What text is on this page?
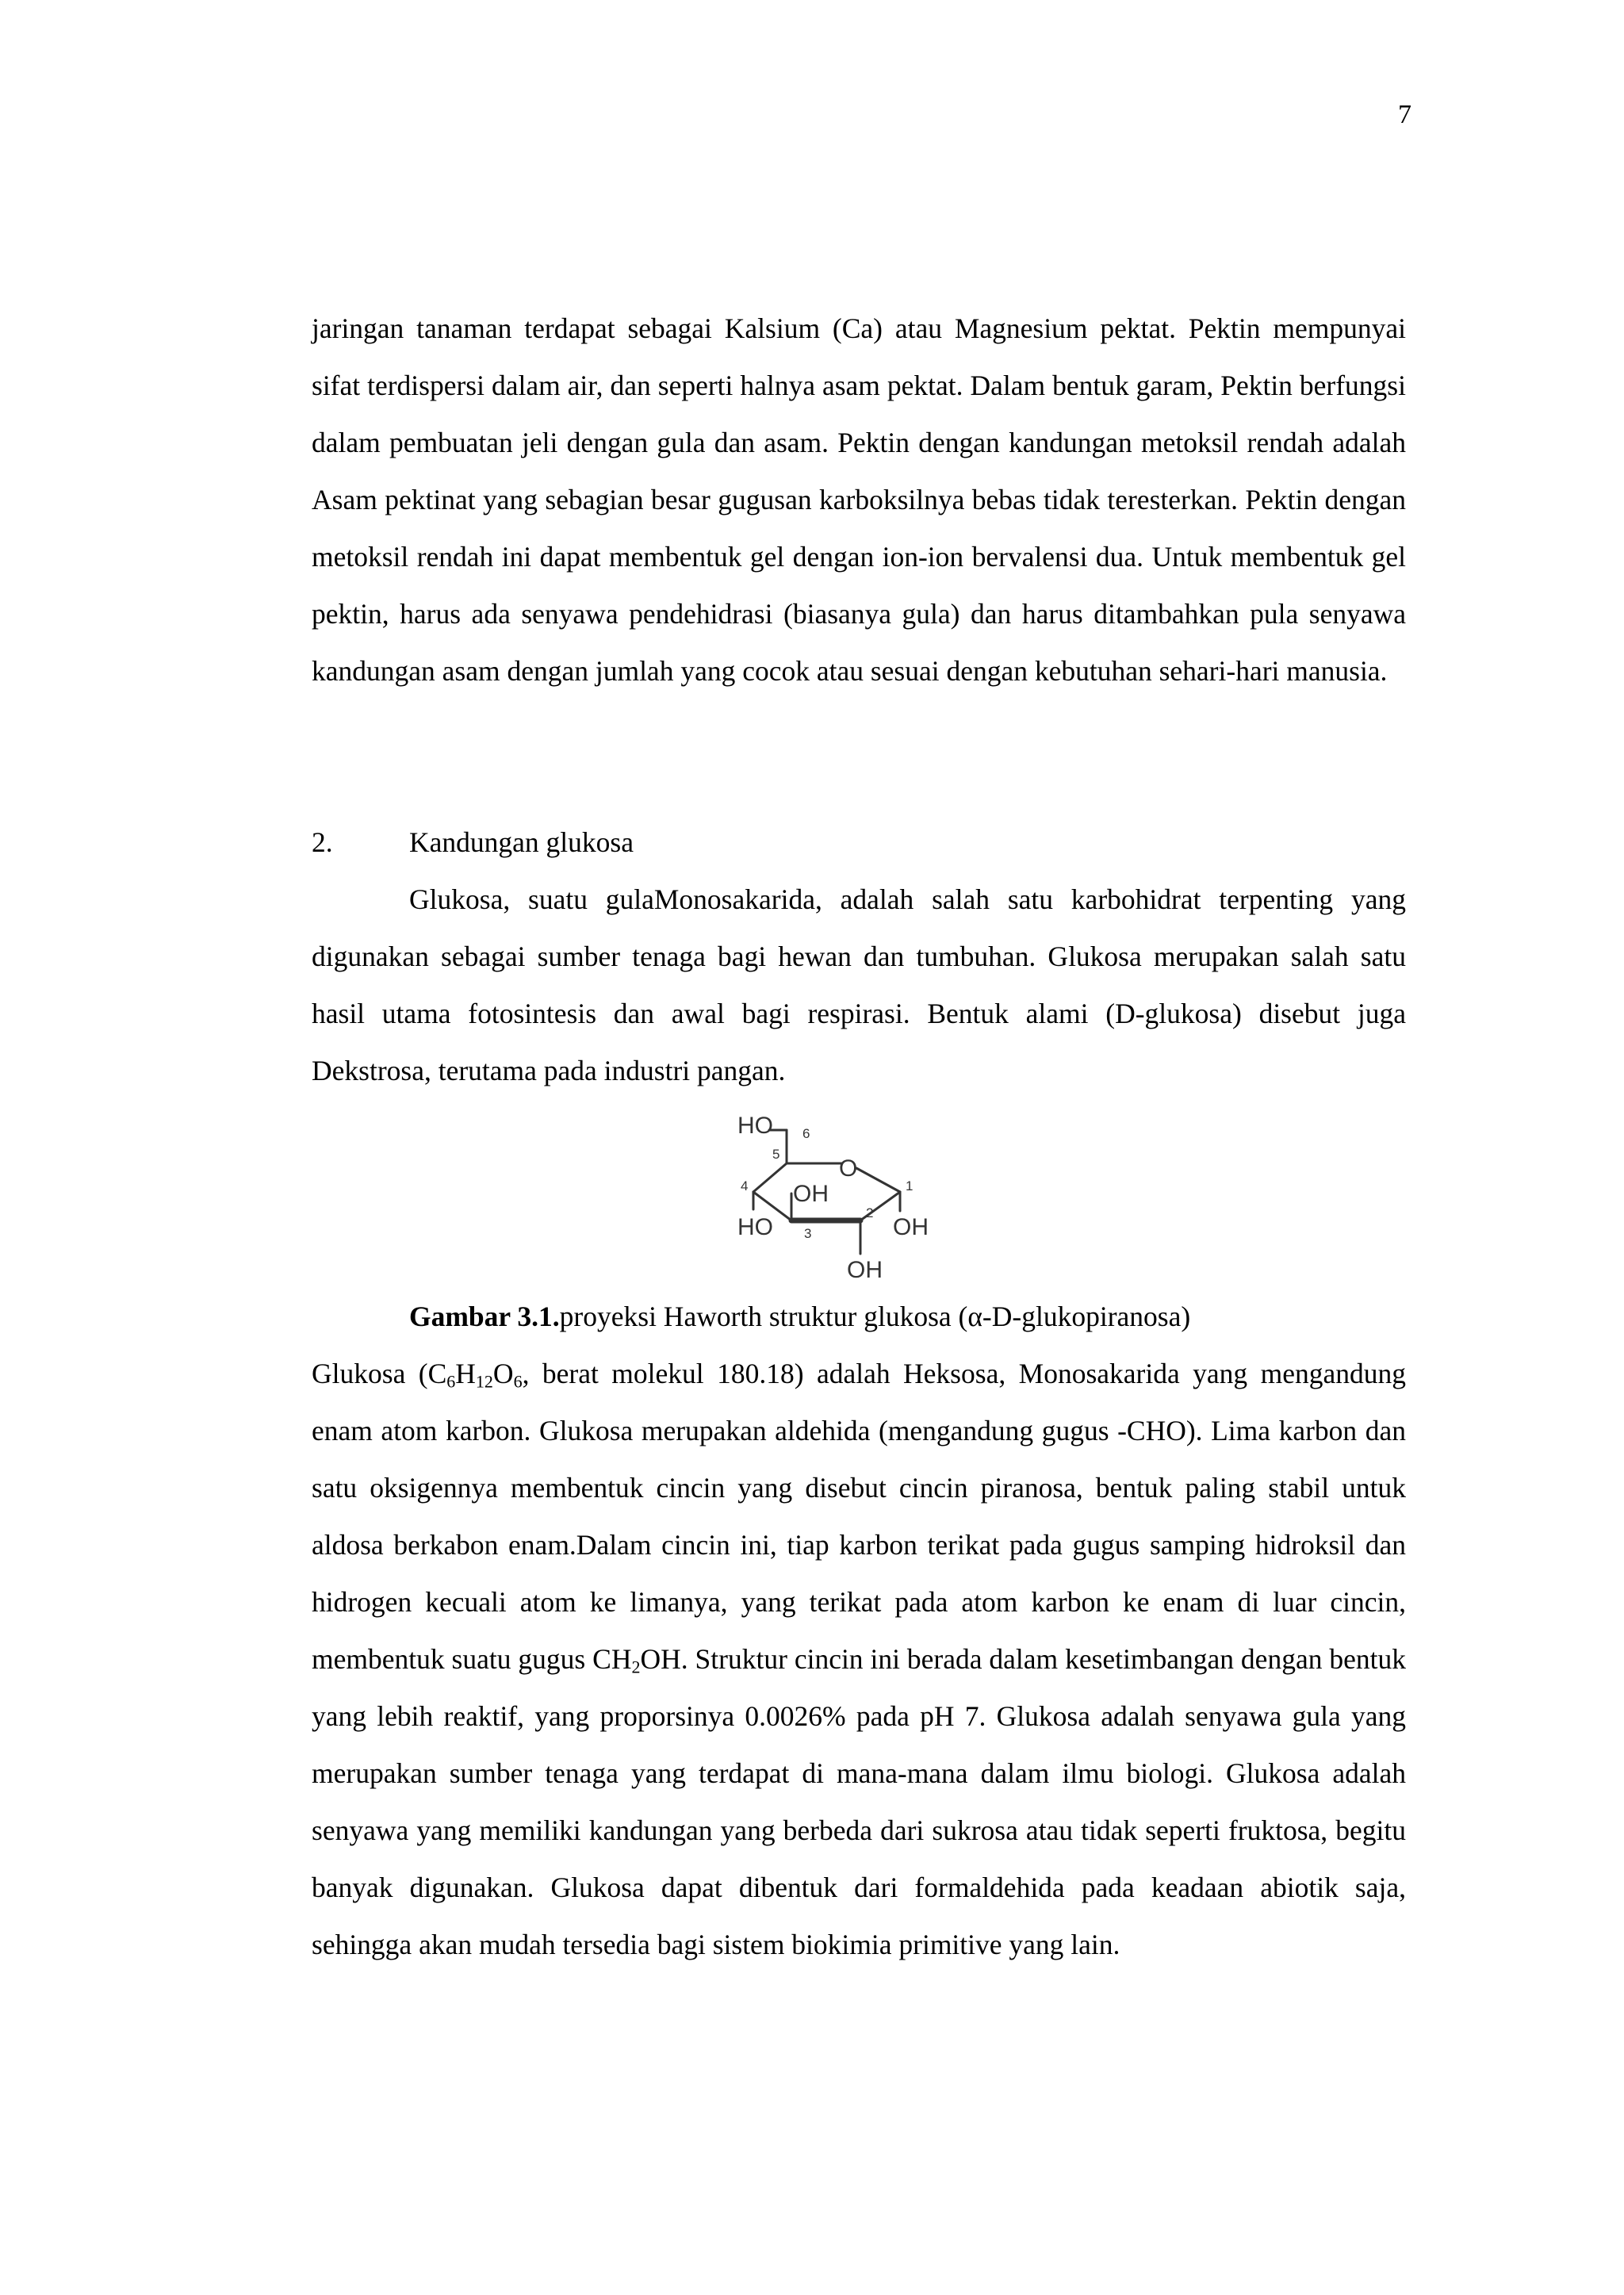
7

jaringan tanaman terdapat sebagai Kalsium (Ca) atau Magnesium pektat. Pektin mempunyai sifat terdispersi dalam air, dan seperti halnya asam pektat. Dalam bentuk garam, Pektin berfungsi dalam pembuatan jeli dengan gula dan asam. Pektin dengan kandungan metoksil rendah adalah Asam pektinat yang sebagian besar gugusan karboksilnya bebas tidak teresterkan. Pektin dengan metoksil rendah ini dapat membentuk gel dengan ion-ion bervalensi dua. Untuk membentuk gel pektin, harus ada senyawa pendehidrasi (biasanya gula) dan harus ditambahkan pula senyawa kandungan asam dengan jumlah yang cocok atau sesuai dengan kebutuhan sehari-hari manusia.

2.	Kandungan glukosa

Glukosa, suatu gulaMonosakarida, adalah salah satu karbohidrat terpenting yang digunakan sebagai sumber tenaga bagi hewan dan tumbuhan. Glukosa merupakan salah satu hasil utama fotosintesis dan awal bagi respirasi. Bentuk alami (D-glukosa) disebut juga Dekstrosa, terutama pada industri pangan.

HO 6
5
O
1
4 OH
2
HO 3	OH
OH

Gambar 3.1.proyeksi Haworth struktur glukosa (α-D-glukopiranosa)

Glukosa ($C_6H_{12}O_6$, berat molekul 180.18) adalah Heksosa, Monosakarida yang mengandung enam atom karbon. Glukosa merupakan aldehida (mengandung gugus -CHO). Lima karbon dan satu oksigennya membentuk cincin yang disebut cincin piranosa, bentuk paling stabil untuk aldosa berkabon enam.Dalam cincin ini, tiap karbon terikat pada gugus samping hidroksil dan hidrogen kecuali atom ke limanya, yang terikat pada atom karbon ke enam di luar cincin, membentuk suatu gugus $CH_2OH$. Struktur cincin ini berada dalam kesetimbangan dengan bentuk yang lebih reaktif, yang proporsinya 0.0026% pada pH 7. Glukosa adalah senyawa gula yang merupakan sumber tenaga yang terdapat di mana-mana dalam ilmu biologi. Glukosa adalah senyawa yang memiliki kandungan yang berbeda dari sukrosa atau tidak seperti fruktosa, begitu banyak digunakan. Glukosa dapat dibentuk dari formaldehida pada keadaan abiotik saja, sehingga akan mudah tersedia bagi sistem biokimia primitive yang lain.
